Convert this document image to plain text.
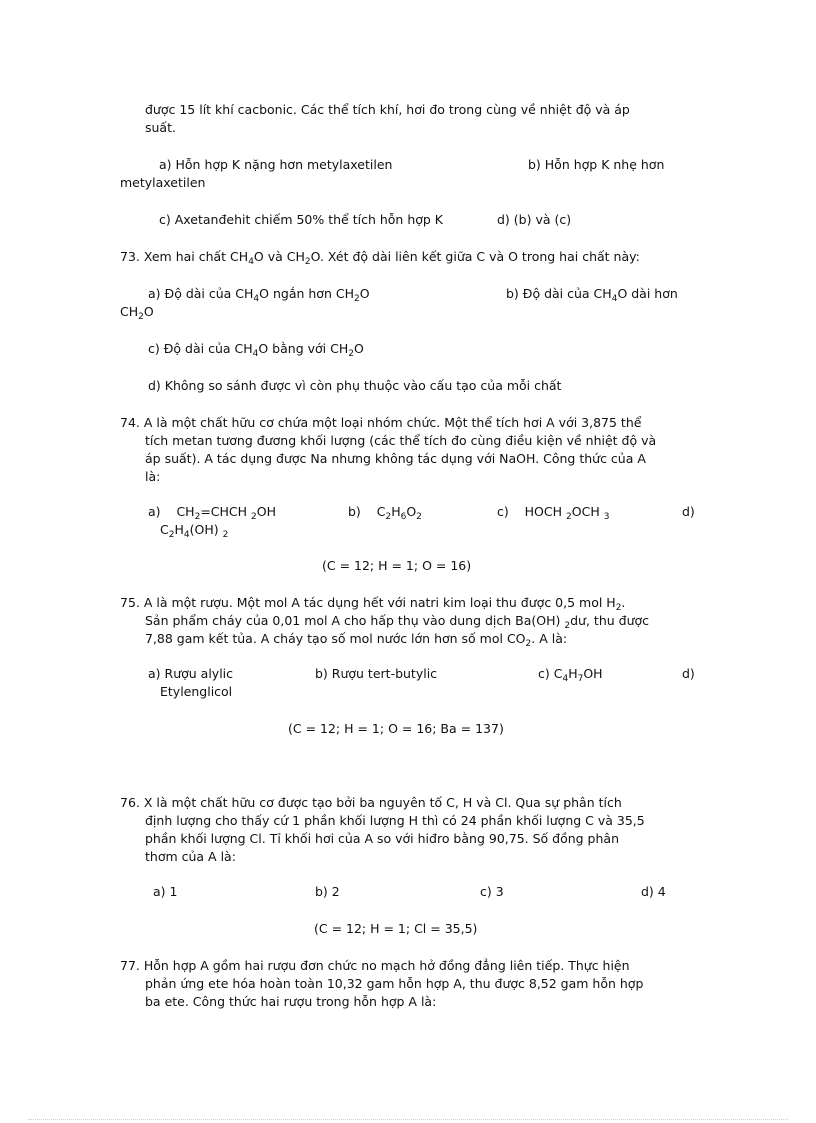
được 15 lít khí cacbonic. Các thể tích khí, hơi đo trong cùng về nhiệt độ và áp
suất.
a) Hỗn hợp K nặng hơn metylaxetilen	b) Hỗn hợp K nhẹ hơn
metylaxetilen
c) Axetanđehit chiếm 50% thể tích hỗn hợp K	d) (b) và (c)
73. Xem hai chất $CH_4O$ và $CH_2O$. Xét độ dài liên kết giữa C và O trong hai chất này:
a) Độ dài của $CH_4O$ ngắn hơn $CH_2O$	b) Độ dài của $CH_4O$ dài hơn
$CH_2O$
c) Độ dài của $CH_4O$ bằng với $CH_2O$
d) Không so sánh được vì còn phụ thuộc vào cấu tạo của mỗi chất
74. A là một chất hữu cơ chứa một loại nhóm chức. Một thể tích hơi A với 3,875 thể
tích metan tương đương khối lượng (các thể tích đo cùng điều kiện về nhiệt độ và
áp suất). A tác dụng được Na nhưng không tác dụng với NaOH. Công thức của A
là:
a) $CH_2=CHCH$ $_2$OH	b) $C_2H_6O_2$	c) HOCH $_2$OCH $_3$	d)
$C_2H_4(OH)$ $_2$
(C = 12; H = 1; O = 16)
75. A là một rượu. Một mol A tác dụng hết với natri kim loại thu được 0,5 mol $H_2$.
Sản phẩm cháy của 0,01 mol A cho hấp thụ vào dung dịch Ba(OH) $_2$dư, thu được
7,88 gam kết tủa. A cháy tạo số mol nước lớn hơn số mol $CO_2$. A là:
a) Rượu alylic	b) Rượu tert-butylic	c) $C_4H_7OH$	d)
Etylenglicol
(C = 12; H = 1; O = 16; Ba = 137)
76. X là một chất hữu cơ được tạo bởi ba nguyên tố C, H và Cl. Qua sự phân tích
định lượng cho thấy cứ 1 phần khối lượng H thì có 24 phần khối lượng C và 35,5
phần khối lượng Cl. Tỉ khối hơi của A so với hiđro bằng 90,75. Số đồng phân
thơm của A là:
a) 1	b) 2	c) 3	d) 4
(C = 12; H = 1; Cl = 35,5)
77. Hỗn hợp A gồm hai rượu đơn chức no mạch hở đồng đẳng liên tiếp. Thực hiện
phản ứng ete hóa hoàn toàn 10,32 gam hỗn hợp A, thu được 8,52 gam hỗn hợp
ba ete. Công thức hai rượu trong hỗn hợp A là:
